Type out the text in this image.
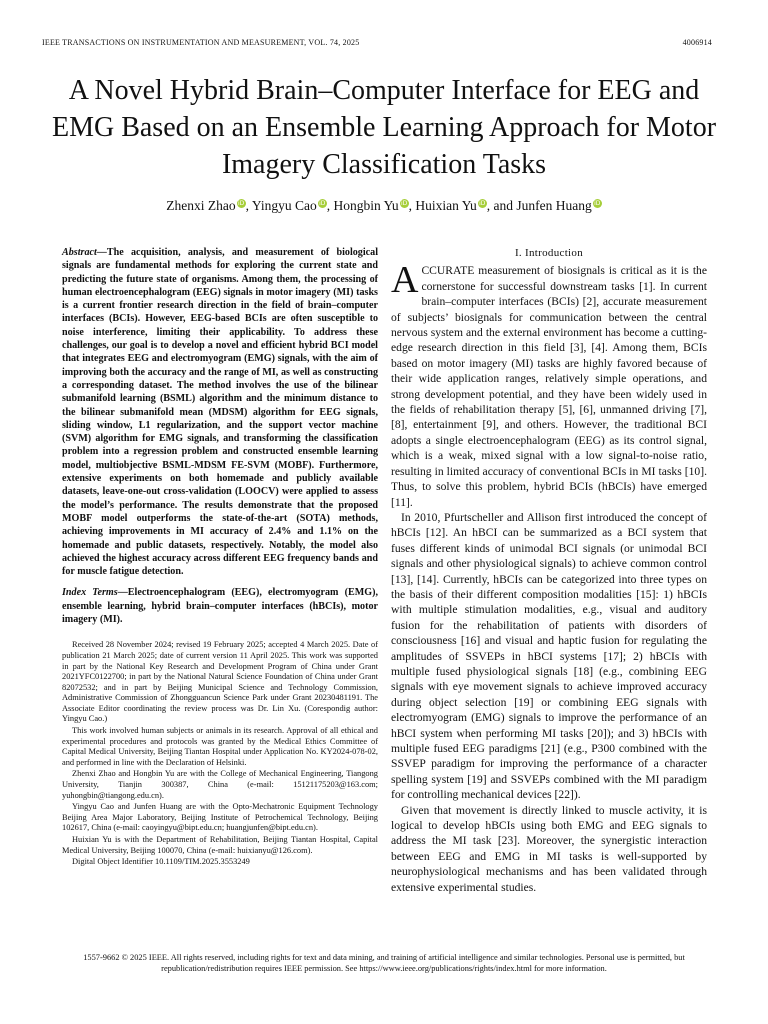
IEEE TRANSACTIONS ON INSTRUMENTATION AND MEASUREMENT, VOL. 74, 2025	4006914
A Novel Hybrid Brain–Computer Interface for EEG and EMG Based on an Ensemble Learning Approach for Motor Imagery Classification Tasks
Zhenxi Zhao iD, Yingyu Cao iD, Hongbin Yu iD, Huixian Yu iD, and Junfen Huang iD
Abstract—The acquisition, analysis, and measurement of biological signals are fundamental methods for exploring the current state and predicting the future state of organisms. Among them, the processing of human electroencephalogram (EEG) signals in motor imagery (MI) tasks is a current frontier research direction in the field of brain–computer interfaces (BCIs). However, EEG-based BCIs are often susceptible to noise interference, limiting their applicability. To address these challenges, our goal is to develop a novel and efficient hybrid BCI model that integrates EEG and electromyogram (EMG) signals, with the aim of improving both the accuracy and the range of MI, as well as constructing a corresponding dataset. The method involves the use of the bilinear submanifold learning (BSML) algorithm and the minimum distance to the bilinear submanifold mean (MDSM) algorithm for EEG signals, sliding window, L1 regularization, and the support vector machine (SVM) algorithm for EMG signals, and transforming the classification problem into a regression problem and constructed ensemble learning model, multiobjective BSML-MDSM FE-SVM (MOBF). Furthermore, extensive experiments on both homemade and publicly available datasets, leave-one-out cross-validation (LOOCV) were applied to assess the model’s performance. The results demonstrate that the proposed MOBF model outperforms the state-of-the-art (SOTA) methods, achieving improvements in MI accuracy of 2.4% and 1.1% on the homemade and public datasets, respectively. Notably, the model also achieved the highest accuracy across different EEG frequency bands and for muscle fatigue detection.
Index Terms—Electroencephalogram (EEG), electromyogram (EMG), ensemble learning, hybrid brain–computer interfaces (hBCIs), motor imagery (MI).

Received 28 November 2024; revised 19 February 2025; accepted 4 March 2025. Date of publication 21 March 2025; date of current version 11 April 2025. This work was supported in part by the National Key Research and Development Program of China under Grant 2021YFC0122700; in part by the National Natural Science Foundation of China under Grant 82072532; and in part by Beijing Municipal Science and Technology Commission, Administrative Commission of Zhongguancun Science Park under Grant 20230481191. The Associate Editor coordinating the review process was Dr. Lin Xu. (Corespondig author: Yingyu Cao.)

This work involved human subjects or animals in its research. Approval of all ethical and experimental procedures and protocols was granted by the Medical Ethics Committee of Capital Medical University, Beijing Tiantan Hospital under Application No. KY2024-078-02, and performed in line with the Declaration of Helsinki.

Zhenxi Zhao and Hongbin Yu are with the College of Mechanical Engineering, Tiangong University, Tianjin 300387, China (e-mail: 15121175203@163.com; yuhongbin@tiangong.edu.cn).

Yingyu Cao and Junfen Huang are with the Opto-Mechatronic Equipment Technology Beijing Area Major Laboratory, Beijing Institute of Petrochemical Technology, Beijing 102617, China (e-mail: caoyingyu@bipt.edu.cn; huangjunfen@bipt.edu.cn).

Huixian Yu is with the Department of Rehabilitation, Beijing Tiantan Hospital, Capital Medical University, Beijing 100070, China (e-mail: huixianyu@126.com).

Digital Object Identifier 10.1109/TIM.2025.3553249

I. Introduction

ACCURATE measurement of biosignals is critical as it is the cornerstone for successful downstream tasks [1]. In current brain–computer interfaces (BCIs) [2], accurate measurement of subjects’ biosignals for communication between the central nervous system and the external environment has become a cutting-edge research direction in this field [3], [4]. Among them, BCIs based on motor imagery (MI) tasks are highly favored because of their wide application ranges, relatively simple operations, and strong development potential, and they have been widely used in the fields of rehabilitation therapy [5], [6], unmanned driving [7], [8], entertainment [9], and others. However, the traditional BCI adopts a single electroencephalogram (EEG) as its control signal, which is a weak, mixed signal with a low signal-to-noise ratio, resulting in limited accuracy of conventional BCIs in MI tasks [10]. Thus, to solve this problem, hybrid BCIs (hBCIs) have emerged [11].

In 2010, Pfurtscheller and Allison first introduced the concept of hBCIs [12]. An hBCI can be summarized as a BCI system that fuses different kinds of unimodal BCI signals (or unimodal BCI signals and other physiological signals) to achieve common control [13], [14]. Currently, hBCIs can be categorized into three types on the basis of their different composition modalities [15]: 1) hBCIs with multiple stimulation modalities, e.g., visual and auditory fusion for the rehabilitation of patients with disorders of consciousness [16] and visual and haptic fusion for regulating the amplitudes of SSVEPs in hBCI systems [17]; 2) hBCIs with multiple fused physiological signals [18] (e.g., combining EEG signals with eye movement signals to achieve improved accuracy during object selection [19] or combining EEG signals with electromyogram (EMG) signals to improve the performance of an hBCI system when performing MI tasks [20]); and 3) hBCIs with multiple fused EEG paradigms [21] (e.g., P300 combined with the SSVEP paradigm for improving the performance of a character spelling system [19] and SSVEPs combined with the MI paradigm for controlling mechanical devices [22]).

Given that movement is directly linked to muscle activity, it is logical to develop hBCIs using both EMG and EEG signals to address the MI task [23]. Moreover, the synergistic interaction between EEG and EMG in MI tasks is well-supported by neurophysiological mechanisms and has been validated through extensive experimental studies.

1557-9662 © 2025 IEEE. All rights reserved, including rights for text and data mining, and training of artificial intelligence and similar technologies. Personal use is permitted, but republication/redistribution requires IEEE permission. See https://www.ieee.org/publications/rights/index.html for more information.
